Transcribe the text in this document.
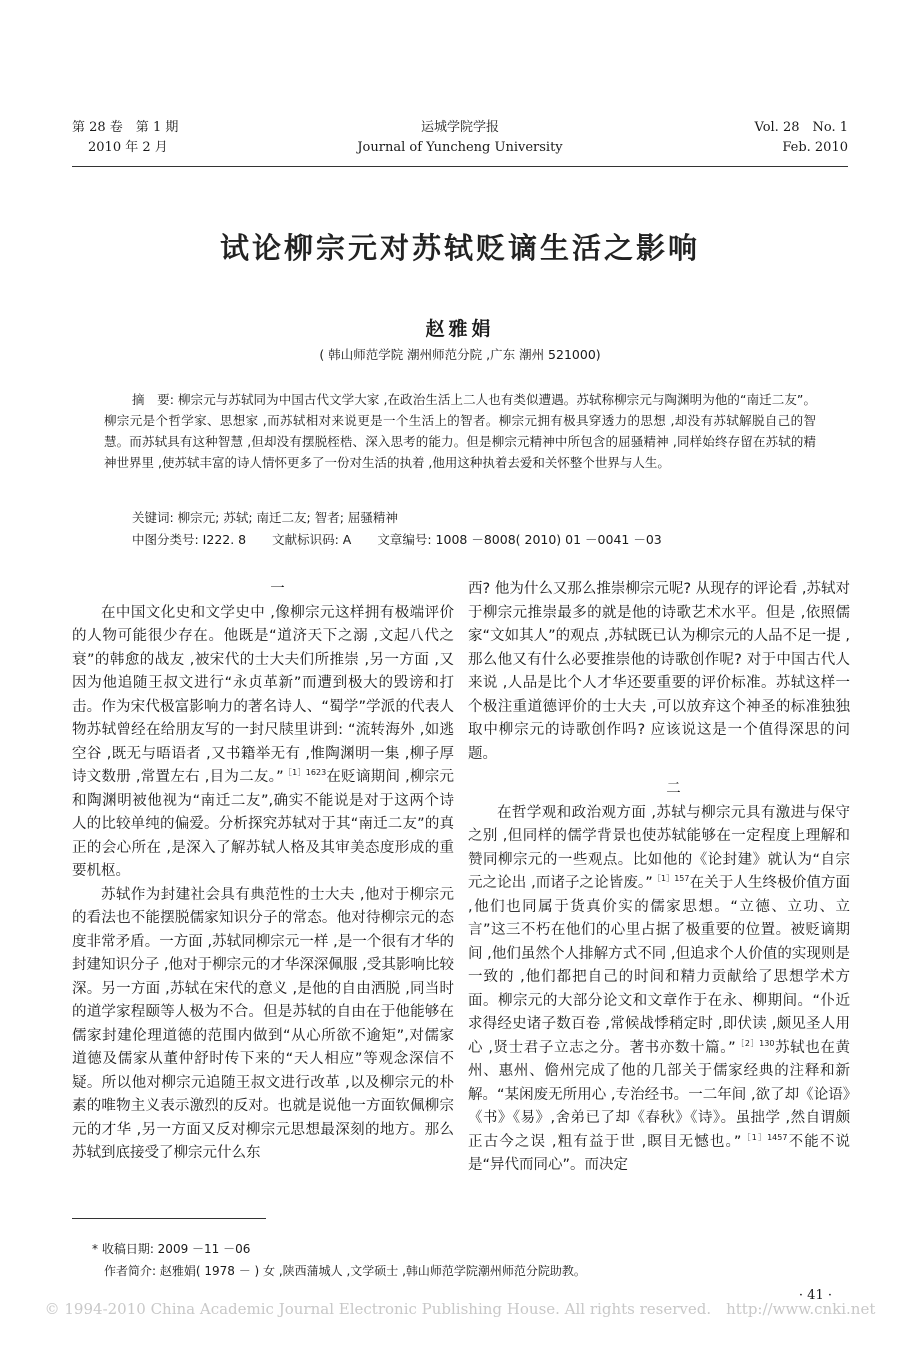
第 28 卷　第 1 期
2010 年 2 月
运城学院学报
Journal of Yuncheng University
Vol. 28　No. 1
Feb. 2010
试论柳宗元对苏轼贬谪生活之影响
赵雅娟
( 韩山师范学院 潮州师范分院 ,广东 潮州 521000)

摘　要: 柳宗元与苏轼同为中国古代文学大家 ,在政治生活上二人也有类似遭遇。苏轼称柳宗元与陶渊明为他的“南迁二友”。柳宗元是个哲学家、思想家 ,而苏轼相对来说更是一个生活上的智者。柳宗元拥有极具穿透力的思想 ,却没有苏轼解脱自己的智慧。而苏轼具有这种智慧 ,但却没有摆脱桎梏、深入思考的能力。但是柳宗元精神中所包含的屈骚精神 ,同样始终存留在苏轼的精神世界里 ,使苏轼丰富的诗人情怀更多了一份对生活的执着 ,他用这种执着去爱和关怀整个世界与人生。

关键词: 柳宗元; 苏轼; 南迁二友; 智者; 屈骚精神
中图分类号: I222. 8 文献标识码: A 文章编号: 1008 －8008( 2010) 01 －0041 －03

一

在中国文化史和文学史中 ,像柳宗元这样拥有极端评价的人物可能很少存在。他既是“道济天下之溺 ,文起八代之衰”的韩愈的战友 ,被宋代的士大夫们所推崇 ,另一方面 ,又因为他追随王叔文进行“永贞革新”而遭到极大的毁谤和打击。作为宋代极富影响力的著名诗人、“蜀学”学派的代表人物苏轼曾经在给朋友写的一封尺牍里讲到: “流转海外 ,如逃空谷 ,既无与晤语者 ,又书籍举无有 ,惟陶渊明一集 ,柳子厚诗文数册 ,常置左右 ,目为二友。”$^{[1]1623}$在贬谪期间 ,柳宗元和陶渊明被他视为“南迁二友”,确实不能说是对于这两个诗人的比较单纯的偏爱。分析探究苏轼对于其“南迁二友”的真正的会心所在 ,是深入了解苏轼人格及其审美态度形成的重要机枢。

苏轼作为封建社会具有典范性的士大夫 ,他对于柳宗元的看法也不能摆脱儒家知识分子的常态。他对待柳宗元的态度非常矛盾。一方面 ,苏轼同柳宗元一样 ,是一个很有才华的封建知识分子 ,他对于柳宗元的才华深深佩服 ,受其影响比较深。另一方面 ,苏轼在宋代的意义 ,是他的自由洒脱 ,同当时的道学家程颐等人极为不合。但是苏轼的自由在于他能够在儒家封建伦理道德的范围内做到“从心所欲不逾矩”,对儒家道德及儒家从董仲舒时传下来的“天人相应”等观念深信不疑。所以他对柳宗元追随王叔文进行改革 ,以及柳宗元的朴素的唯物主义表示激烈的反对。也就是说他一方面钦佩柳宗元的才华 ,另一方面又反对柳宗元思想最深刻的地方。那么苏轼到底接受了柳宗元什么东

西? 他为什么又那么推崇柳宗元呢? 从现存的评论看 ,苏轼对于柳宗元推崇最多的就是他的诗歌艺术水平。但是 ,依照儒家“文如其人”的观点 ,苏轼既已认为柳宗元的人品不足一提 ,那么他又有什么必要推崇他的诗歌创作呢? 对于中国古代人来说 ,人品是比个人才华还要重要的评价标准。苏轼这样一个极注重道德评价的士大夫 ,可以放弃这个神圣的标准独独取中柳宗元的诗歌创作吗? 应该说这是一个值得深思的问题。

二

在哲学观和政治观方面 ,苏轼与柳宗元具有激进与保守之别 ,但同样的儒学背景也使苏轼能够在一定程度上理解和赞同柳宗元的一些观点。比如他的《论封建》就认为“自宗元之论出 ,而诸子之论皆废。”$^{[1]157}$在关于人生终极价值方面 ,他们也同属于货真价实的儒家思想。“立德、立功、立言”这三不朽在他们的心里占据了极重要的位置。被贬谪期间 ,他们虽然个人排解方式不同 ,但追求个人价值的实现则是一致的 ,他们都把自己的时间和精力贡献给了思想学术方面。柳宗元的大部分论文和文章作于在永、柳期间。“仆近求得经史诸子数百卷 ,常候战悸稍定时 ,即伏读 ,颇见圣人用心 ,贤士君子立志之分。著书亦数十篇。”$^{[2]130}$苏轼也在黄州、惠州、儋州完成了他的几部关于儒家经典的注释和新解。“某闲废无所用心 ,专治经书。一二年间 ,欲了却《论语》《书》《易》,舍弟已了却《春秋》《诗》。虽拙学 ,然自谓颇正古今之误 ,粗有益于世 ,瞑目无憾也。”$^{[1]1457}$不能不说是“异代而同心”。而决定

* 收稿日期: 2009 －11 －06
作者简介: 赵雅娟( 1978 － ) 女 ,陕西蒲城人 ,文学硕士 ,韩山师范学院潮州师范分院助教。
· 41 ·
© 1994-2010 China Academic Journal Electronic Publishing House. All rights reserved.　http://www.cnki.net
